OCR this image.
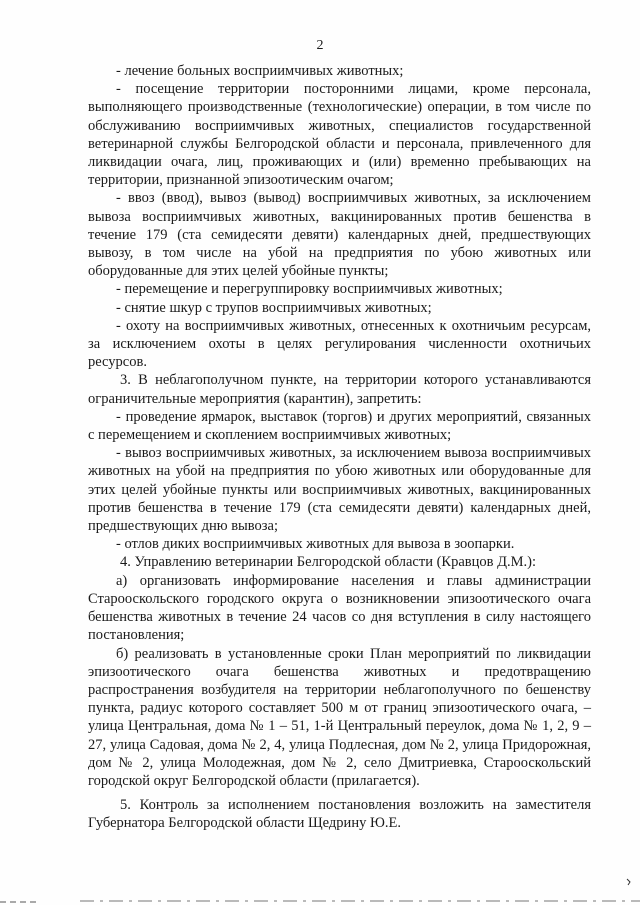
2

- лечение больных восприимчивых животных;

- посещение территории посторонними лицами, кроме персонала, выполняющего производственные (технологические) операции, в том числе по обслуживанию восприимчивых животных, специалистов государственной ветеринарной службы Белгородской области и персонала, привлеченного для ликвидации очага, лиц, проживающих и (или) временно пребывающих на территории, признанной эпизоотическим очагом;

- ввоз (ввод), вывоз (вывод) восприимчивых животных, за исключением вывоза восприимчивых животных, вакцинированных против бешенства в течение 179 (ста семидесяти девяти) календарных дней, предшествующих вывозу, в том числе на убой на предприятия по убою животных или оборудованные для этих целей убойные пункты;

- перемещение и перегруппировку восприимчивых животных;

- снятие шкур с трупов восприимчивых животных;

- охоту на восприимчивых животных, отнесенных к охотничьим ресурсам, за исключением охоты в целях регулирования численности охотничьих ресурсов.

3. В неблагополучном пункте, на территории которого устанавливаются ограничительные мероприятия (карантин), запретить:

- проведение ярмарок, выставок (торгов) и других мероприятий, связанных с перемещением и скоплением восприимчивых животных;

- вывоз восприимчивых животных, за исключением вывоза восприимчивых животных на убой на предприятия по убою животных или оборудованные для этих целей убойные пункты или восприимчивых животных, вакцинированных против бешенства в течение 179 (ста семидесяти девяти) календарных дней, предшествующих дню вывоза;

- отлов диких восприимчивых животных для вывоза в зоопарки.

4. Управлению ветеринарии Белгородской области (Кравцов Д.М.):

а) организовать информирование населения и главы администрации Старооскольского городского округа о возникновении эпизоотического очага бешенства животных в течение 24 часов со дня вступления в силу настоящего постановления;

б) реализовать в установленные сроки План мероприятий по ликвидации эпизоотического очага бешенства животных и предотвращению распространения возбудителя на территории неблагополучного по бешенству пункта, радиус которого составляет 500 м от границ эпизоотического очага, – улица Центральная, дома № 1 – 51, 1-й Центральный переулок, дома № 1, 2, 9 – 27, улица Садовая, дома № 2, 4, улица Подлесная, дом № 2, улица Придорожная, дом № 2, улица Молодежная, дом № 2, село Дмитриевка, Старооскольский городской округ Белгородской области (прилагается).

5. Контроль за исполнением постановления возложить на заместителя Губернатора Белгородской области Щедрину Ю.Е.
